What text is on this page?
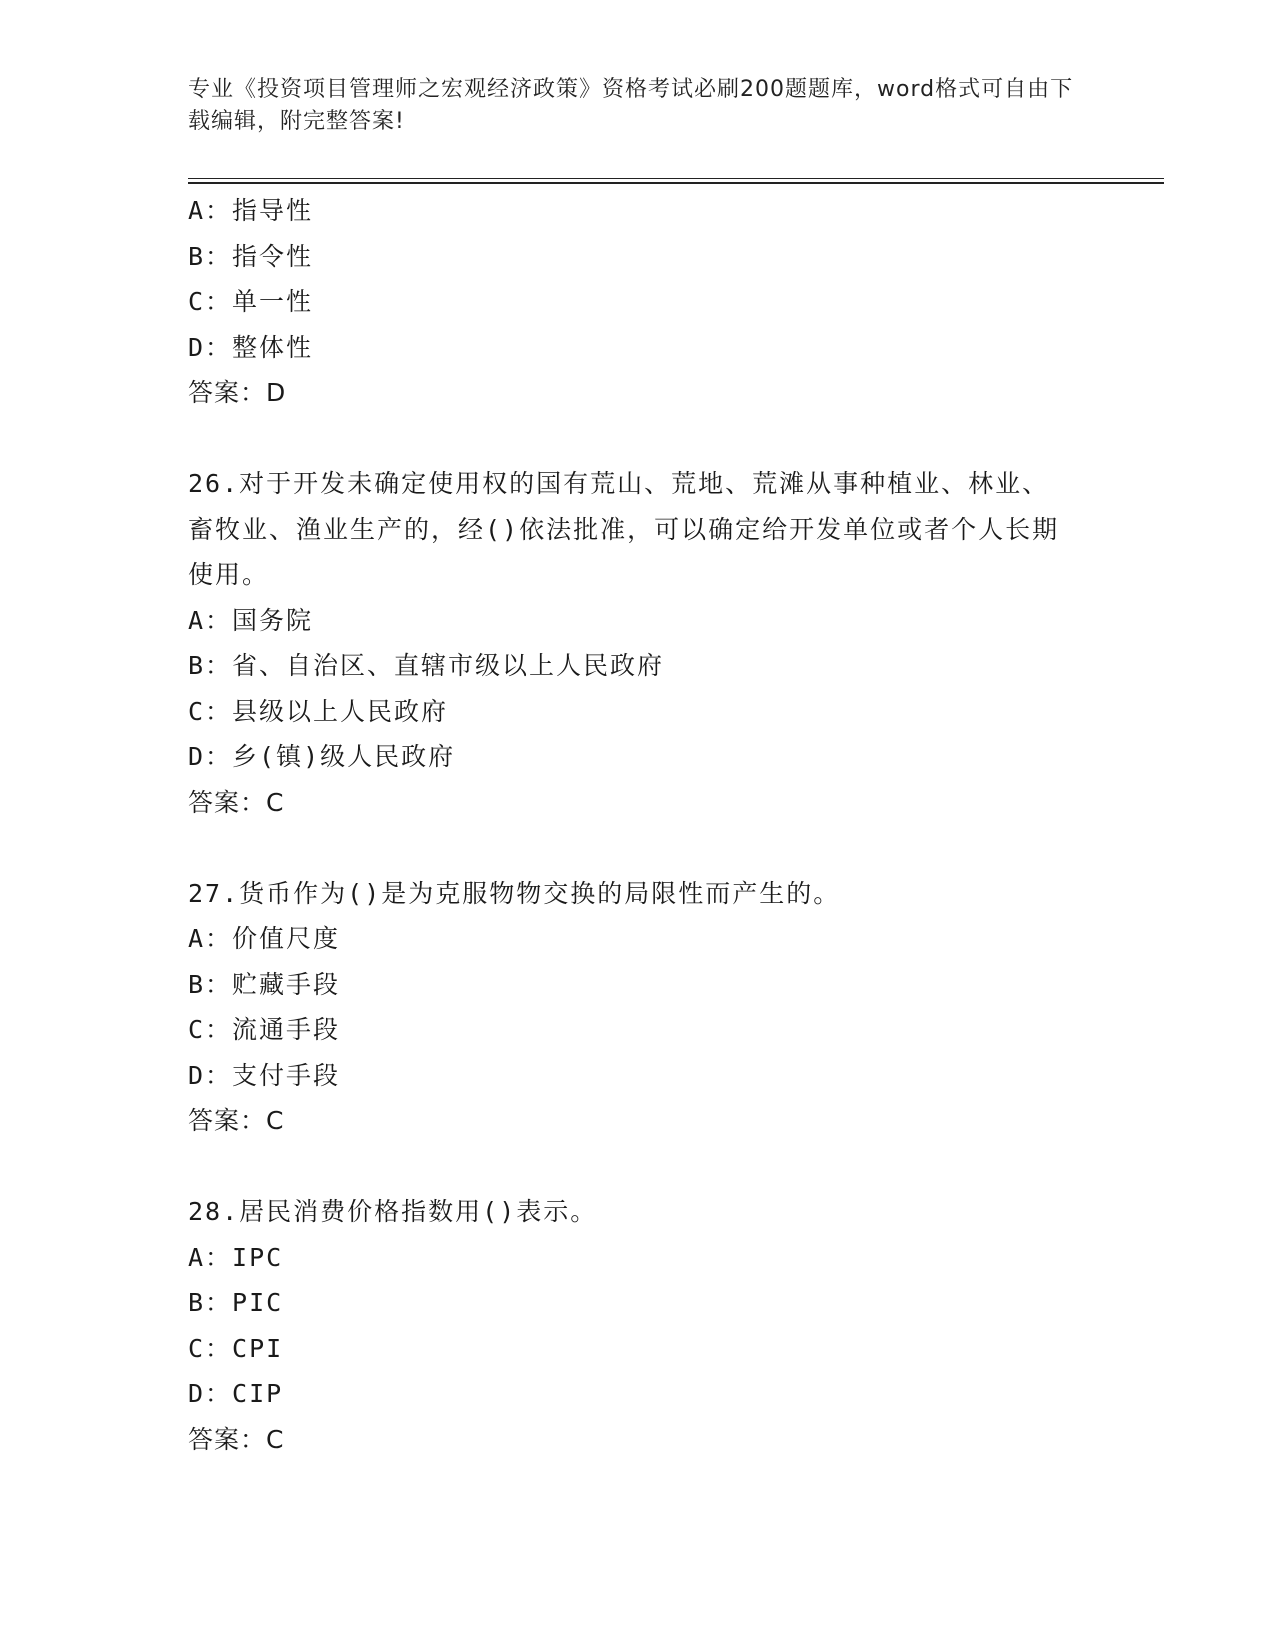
专业《投资项目管理师之宏观经济政策》资格考试必刷200题题库，word格式可自由下载编辑，附完整答案!
A：指导性
B：指令性
C：单一性
D：整体性
答案：D
26.对于开发未确定使用权的国有荒山、荒地、荒滩从事种植业、林业、畜牧业、渔业生产的，经()依法批准，可以确定给开发单位或者个人长期使用。
A：国务院
B：省、自治区、直辖市级以上人民政府
C：县级以上人民政府
D：乡(镇)级人民政府
答案：C
27.货币作为()是为克服物物交换的局限性而产生的。
A：价值尺度
B：贮藏手段
C：流通手段
D：支付手段
答案：C
28.居民消费价格指数用()表示。
A：IPC
B：PIC
C：CPI
D：CIP
答案：C
